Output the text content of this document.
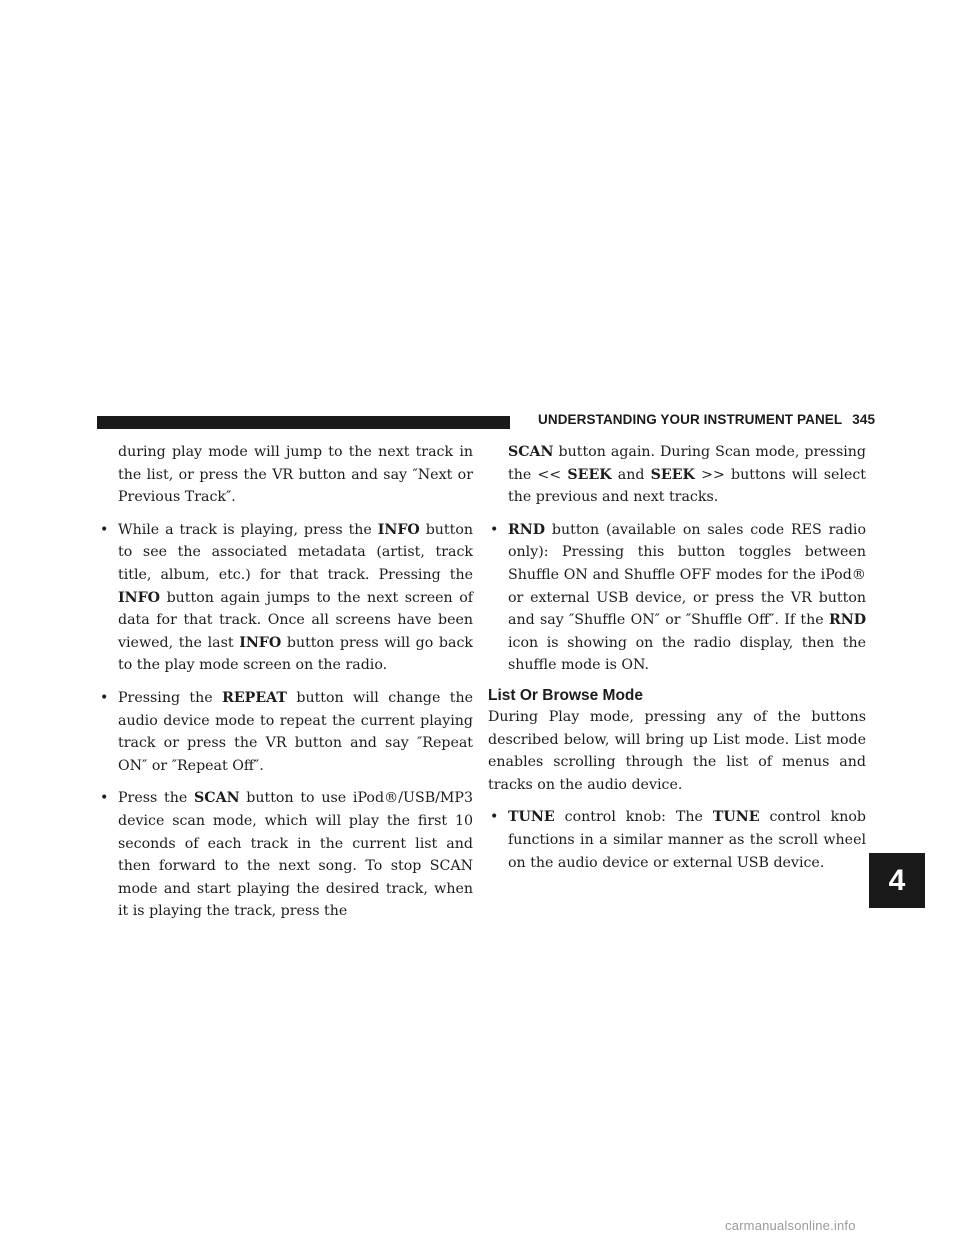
UNDERSTANDING YOUR INSTRUMENT PANEL 345
4
during play mode will jump to the next track in the list, or press the VR button and say ″Next or Previous Track″.
• While a track is playing, press the INFO button to see the associated metadata (artist, track title, album, etc.) for that track. Pressing the INFO button again jumps to the next screen of data for that track. Once all screens have been viewed, the last INFO button press will go back to the play mode screen on the radio.
• Pressing the REPEAT button will change the audio device mode to repeat the current playing track or press the VR button and say ″Repeat ON″ or ″Repeat Off″.
• Press the SCAN button to use iPod®/USB/MP3 device scan mode, which will play the first 10 seconds of each track in the current list and then forward to the next song. To stop SCAN mode and start playing the desired track, when it is playing the track, press the
SCAN button again. During Scan mode, pressing the << SEEK and SEEK >> buttons will select the previous and next tracks.
• RND button (available on sales code RES radio only): Pressing this button toggles between Shuffle ON and Shuffle OFF modes for the iPod® or external USB device, or press the VR button and say ″Shuffle ON″ or ″Shuffle Off″. If the RND icon is showing on the radio display, then the shuffle mode is ON.
List Or Browse Mode
During Play mode, pressing any of the buttons described below, will bring up List mode. List mode enables scrolling through the list of menus and tracks on the audio device.
• TUNE control knob: The TUNE control knob functions in a similar manner as the scroll wheel on the audio device or external USB device.
carmanualsonline.info
